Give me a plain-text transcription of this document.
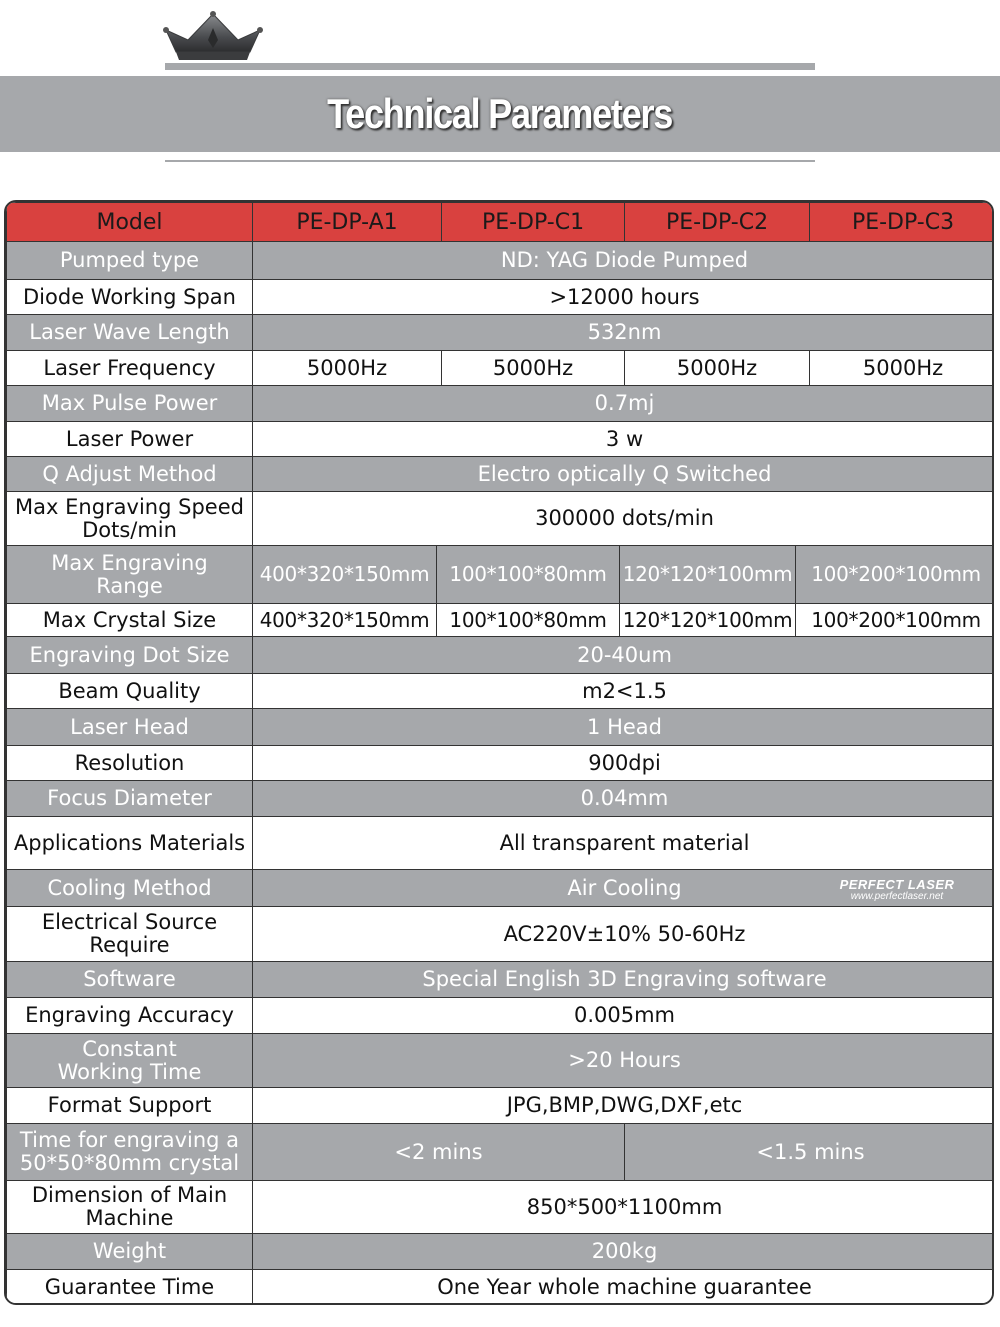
Technical Parameters
Model	PE-DP-A1		PE-DP-C1		PE-DP-C2		PE-DP-C3
Pumped type	ND: YAG Diode Pumped						
Diode Working Span	>12000 hours						
Laser Wave Length	532nm						
Laser Frequency	5000Hz		5000Hz		5000Hz		5000Hz
Max Pulse Power	0.7mj						
Laser Power	3 w						
Q Adjust Method	Electro optically Q Switched						

Max Engraving Speed
Dots/min	300000 dots/min						

Max Engraving
Range	400*320*150mm	100*100*80mm		120*120*100mm		100*200*100mm	
Max Crystal Size	400*320*150mm	100*100*80mm		120*120*100mm		100*200*100mm	
Engraving Dot Size	20-40um						
Beam Quality	m2<1.5						
Laser Head	1 Head						
Resolution	900dpi						
Focus Diameter	0.04mm						
Applications Materials	All transparent material						
Cooling Method	Air Cooling						

Electrical Source
Require	AC220V±10% 50-60Hz						
Software	Special English 3D Engraving software						
Engraving Accuracy	0.005mm						

Constant
Working Time	>20 Hours						
Format Support	JPG,BMP,DWG,DXF,etc						

Time for engraving a
50*50*80mm crystal	<2 mins				<1.5 mins		

Dimension of Main
Machine	850*500*1100mm						
Weight	200kg						
Guarantee Time	One Year whole machine guarantee						
PERFECT LASER
www.perfectlaser.net
